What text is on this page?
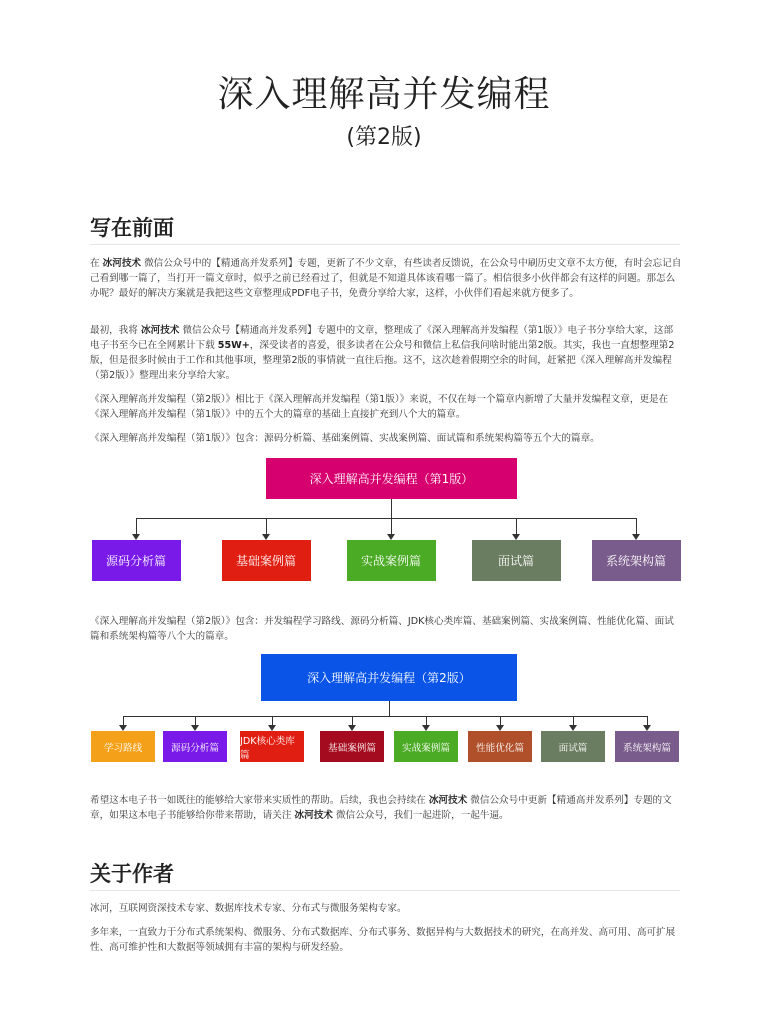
深入理解高并发编程
(第2版)
写在前面
在 冰河技术 微信公众号中的【精通高并发系列】专题，更新了不少文章，有些读者反馈说，在公众号中刷历史文章不太方便，有时会忘记自己看到哪一篇了，当打开一篇文章时，似乎之前已经看过了，但就是不知道具体该看哪一篇了。相信很多小伙伴都会有这样的问题。那怎么办呢？最好的解决方案就是我把这些文章整理成PDF电子书，免费分享给大家，这样，小伙伴们看起来就方便多了。
最初，我将 冰河技术 微信公众号【精通高并发系列】专题中的文章，整理成了《深入理解高并发编程（第1版）》电子书分享给大家，这部电子书至今已在全网累计下载 55W+，深受读者的喜爱，很多读者在公众号和微信上私信我问啥时能出第2版。其实，我也一直想整理第2版，但是很多时候由于工作和其他事项，整理第2版的事情就一直往后拖。这不，这次趁着假期空余的时间，赶紧把《深入理解高并发编程（第2版）》整理出来分享给大家。
《深入理解高并发编程（第2版）》相比于《深入理解高并发编程（第1版）》来说，不仅在每一个篇章内新增了大量并发编程文章，更是在《深入理解高并发编程（第1版）》中的五个大的篇章的基础上直接扩充到八个大的篇章。
《深入理解高并发编程（第1版）》包含：源码分析篇、基础案例篇、实战案例篇、面试篇和系统架构篇等五个大的篇章。
《深入理解高并发编程（第2版）》包含：并发编程学习路线、源码分析篇、JDK核心类库篇、基础案例篇、实战案例篇、性能优化篇、面试篇和系统架构篇等八个大的篇章。
希望这本电子书一如既往的能够给大家带来实质性的帮助。后续，我也会持续在 冰河技术 微信公众号中更新【精通高并发系列】专题的文章，如果这本电子书能够给你带来帮助，请关注 冰河技术 微信公众号，我们一起进阶，一起牛逼。
关于作者
冰河，互联网资深技术专家、数据库技术专家、分布式与微服务架构专家。
多年来，一直致力于分布式系统架构、微服务、分布式数据库、分布式事务、数据异构与大数据技术的研究，在高并发、高可用、高可扩展性、高可维护性和大数据等领域拥有丰富的架构与研发经验。
深入理解高并发编程（第1版）
源码分析篇	基础案例篇	实战案例篇	面试篇	系统架构篇
深入理解高并发编程（第2版）
学习路线	源码分析篇
JDK核心类库篇
基础案例篇	实战案例篇	性能优化篇	面试篇	系统架构篇
